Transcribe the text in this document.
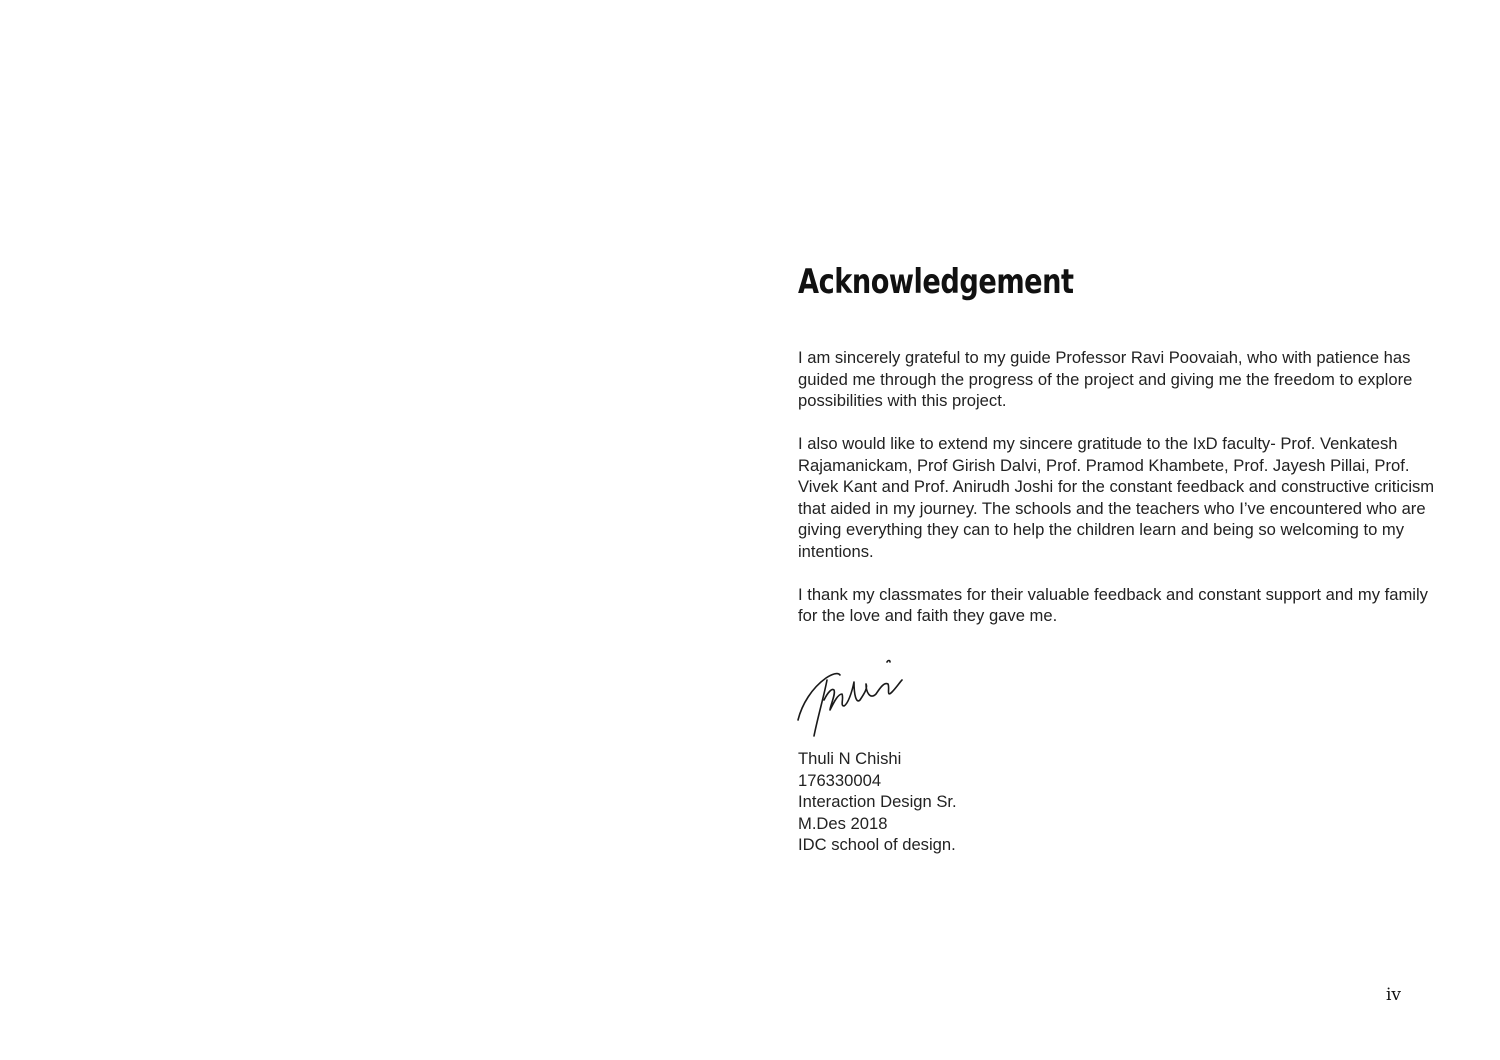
Acknowledgement

I am sincerely grateful to my guide Professor Ravi Poovaiah, who with patience has guided me through the progress of the project and giving me the freedom to explore possibilities with this project.

I also would like to extend my sincere gratitude to the IxD faculty- Prof. Venkatesh Rajamanickam, Prof Girish Dalvi, Prof. Pramod Khambete, Prof. Jayesh Pillai, Prof. Vivek Kant and Prof. Anirudh Joshi for the constant feedback and constructive criticism that aided in my journey. The schools and the teachers who I’ve encountered who are giving everything they can to help the children learn and being so welcoming to my intentions.

I thank my classmates for their valuable feedback and constant support and my family for the love and faith they gave me.

Thuli N Chishi
176330004
Interaction Design Sr.
M.Des 2018
IDC school of design.
iv
